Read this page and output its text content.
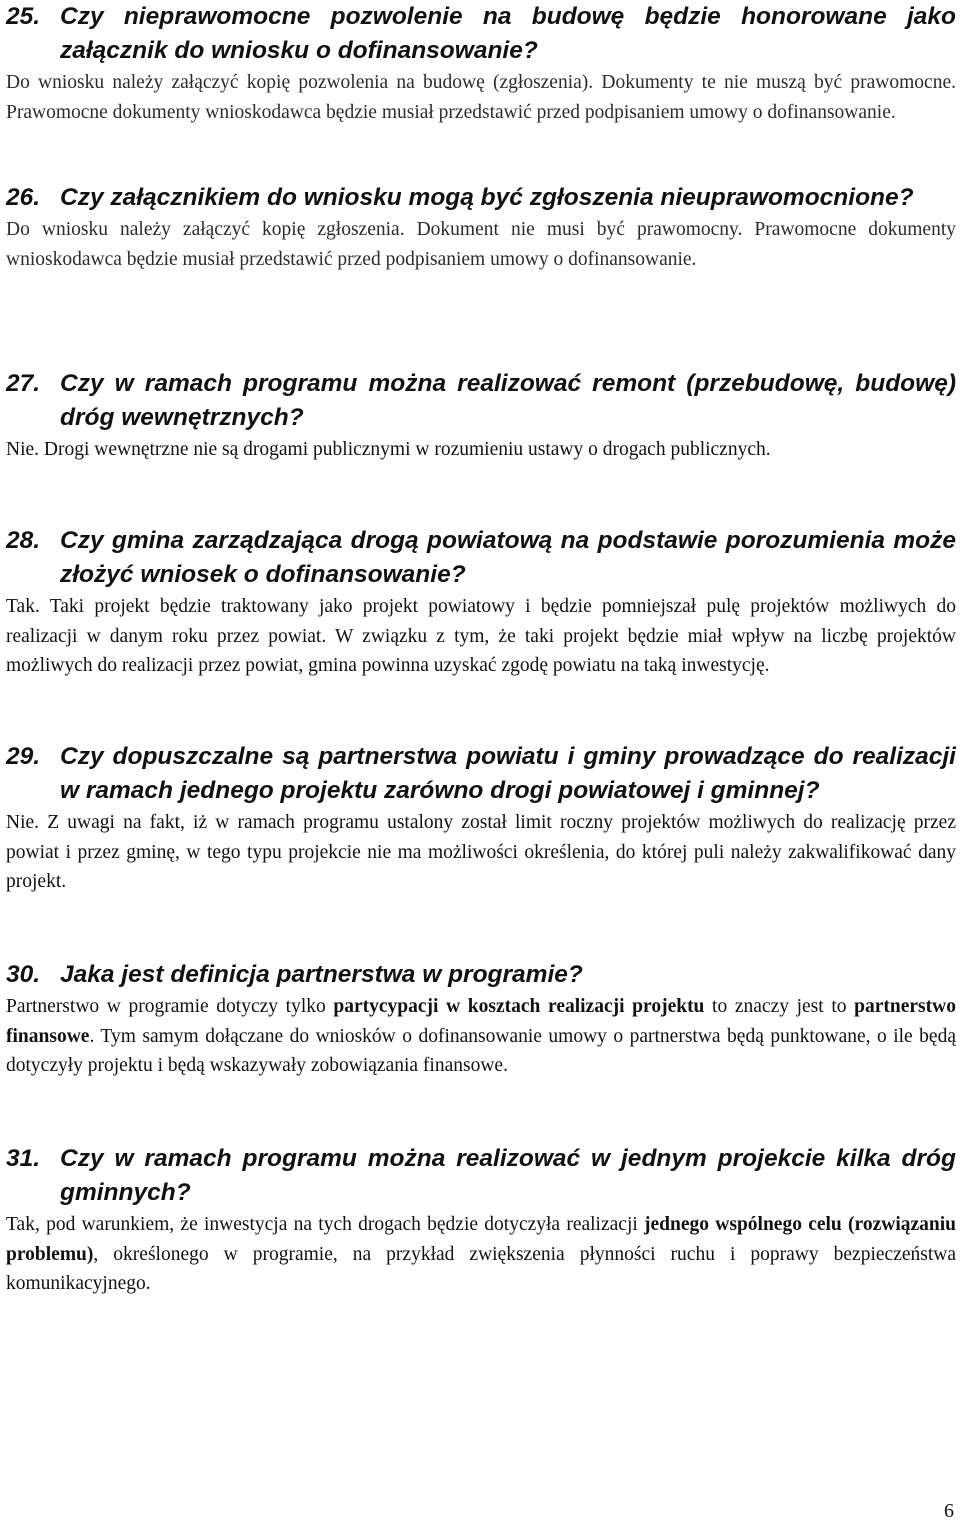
25. Czy nieprawomocne pozwolenie na budowę będzie honorowane jako załącznik do wniosku o dofinansowanie?

Do wniosku należy załączyć kopię pozwolenia na budowę (zgłoszenia). Dokumenty te nie muszą być prawomocne. Prawomocne dokumenty wnioskodawca będzie musiał przedstawić przed podpisaniem umowy o dofinansowanie.

26. Czy załącznikiem do wniosku mogą być zgłoszenia nieuprawomocnione?

Do wniosku należy załączyć kopię zgłoszenia. Dokument nie musi być prawomocny. Prawomocne dokumenty wnioskodawca będzie musiał przedstawić przed podpisaniem umowy o dofinansowanie.

27. Czy w ramach programu można realizować remont (przebudowę, budowę) dróg wewnętrznych?

Nie. Drogi wewnętrzne nie są drogami publicznymi w rozumieniu ustawy o drogach publicznych.

28. Czy gmina zarządzająca drogą powiatową na podstawie porozumienia może złożyć wniosek o dofinansowanie?

Tak. Taki projekt będzie traktowany jako projekt powiatowy i będzie pomniejszał pulę projektów możliwych do realizacji w danym roku przez powiat. W związku z tym, że taki projekt będzie miał wpływ na liczbę projektów możliwych do realizacji przez powiat, gmina powinna uzyskać zgodę powiatu na taką inwestycję.

29. Czy dopuszczalne są partnerstwa powiatu i gminy prowadzące do realizacji w ramach jednego projektu zarówno drogi powiatowej i gminnej?

Nie. Z uwagi na fakt, iż w ramach programu ustalony został limit roczny projektów możliwych do realizację przez powiat i przez gminę, w tego typu projekcie nie ma możliwości określenia, do której puli należy zakwalifikować dany projekt.

30. Jaka jest definicja partnerstwa w programie?

Partnerstwo w programie dotyczy tylko partycypacji w kosztach realizacji projektu to znaczy jest to partnerstwo finansowe. Tym samym dołączane do wniosków o dofinansowanie umowy o partnerstwa będą punktowane, o ile będą dotyczyły projektu i będą wskazywały zobowiązania finansowe.

31. Czy w ramach programu można realizować w jednym projekcie kilka dróg gminnych?

Tak, pod warunkiem, że inwestycja na tych drogach będzie dotyczyła realizacji jednego wspólnego celu (rozwiązaniu problemu), określonego w programie, na przykład zwiększenia płynności ruchu i poprawy bezpieczeństwa komunikacyjnego.

6
